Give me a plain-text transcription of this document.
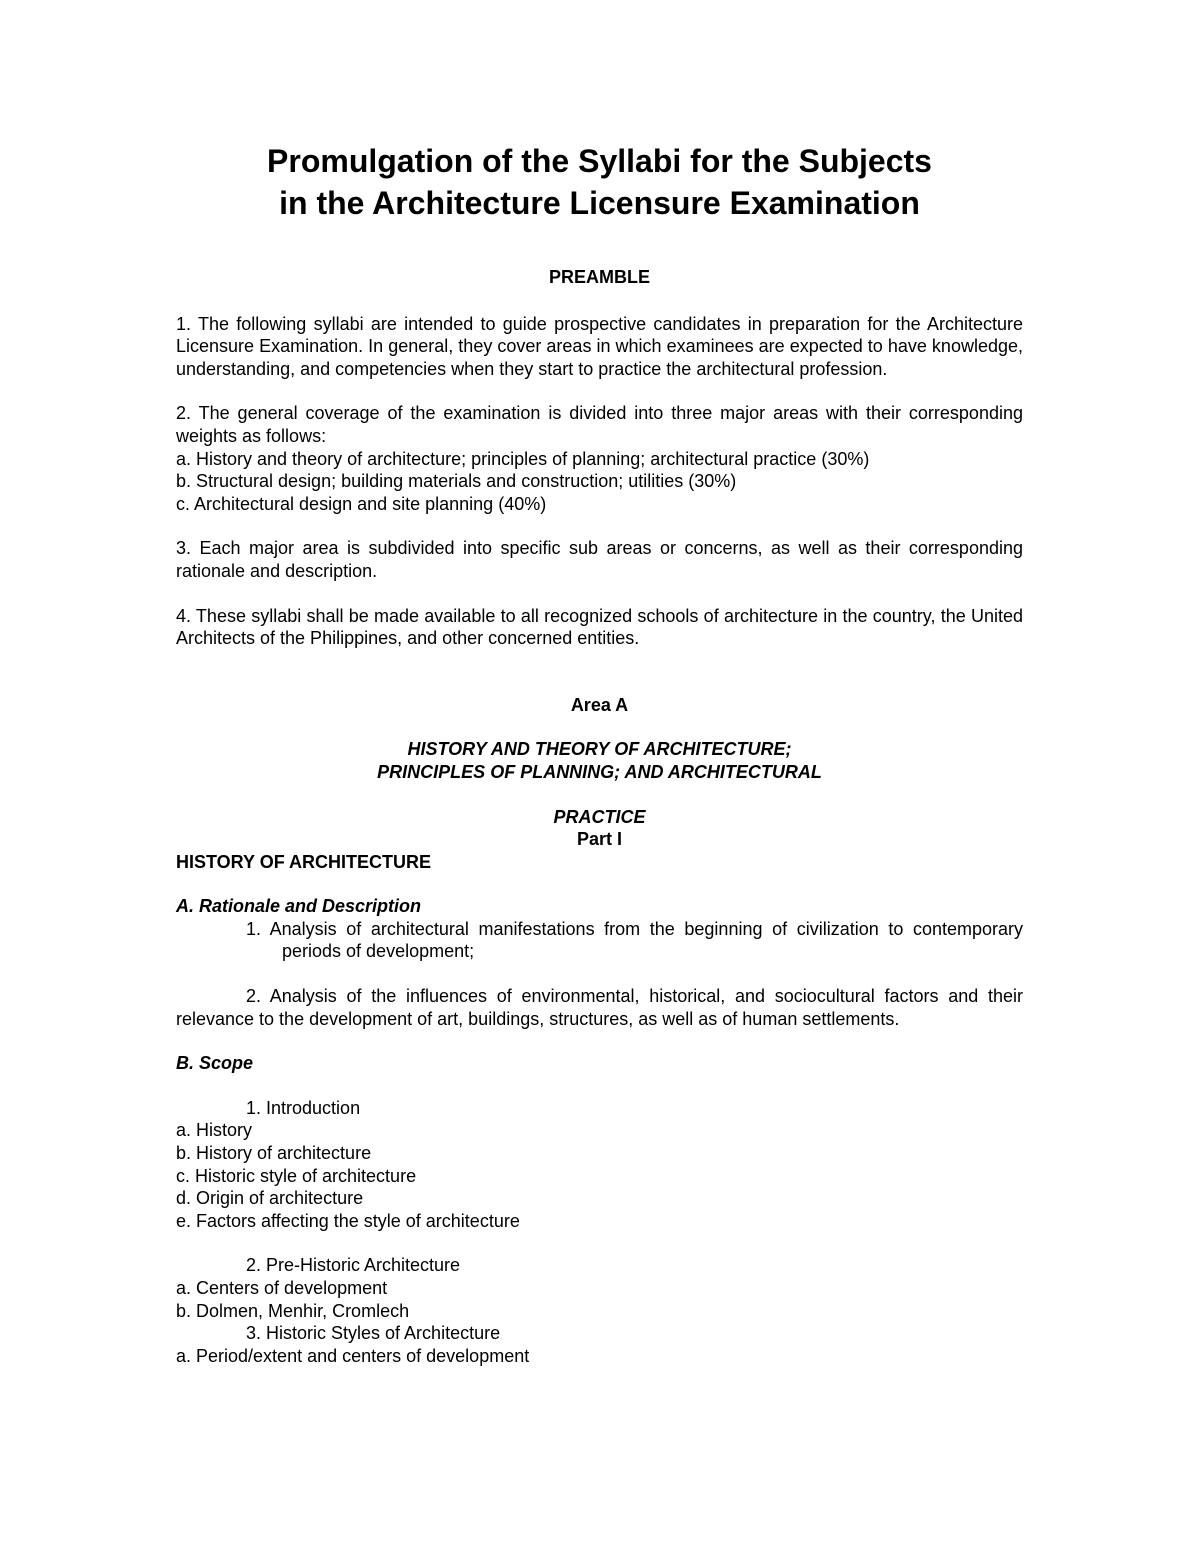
Promulgation of the Syllabi for the Subjects
in the Architecture Licensure Examination

PREAMBLE

1. The following syllabi are intended to guide prospective candidates in preparation for the Architecture Licensure Examination. In general, they cover areas in which examinees are expected to have knowledge, understanding, and competencies when they start to practice the architectural profession.

2. The general coverage of the examination is divided into three major areas with their corresponding weights as follows:

a. History and theory of architecture; principles of planning; architectural practice (30%)
b. Structural design; building materials and construction; utilities (30%)
c. Architectural design and site planning (40%)

3. Each major area is subdivided into specific sub areas or concerns, as well as their corresponding rationale and description.

4. These syllabi shall be made available to all recognized schools of architecture in the country, the United Architects of the Philippines, and other concerned entities.

Area A

HISTORY AND THEORY OF ARCHITECTURE;

PRINCIPLES OF PLANNING; AND ARCHITECTURAL

PRACTICE

Part I

HISTORY OF ARCHITECTURE

A. Rationale and Description

1. Analysis of architectural manifestations from the beginning of civilization to contemporary periods of development;

2. Analysis of the influences of environmental, historical, and sociocultural factors and their relevance to the development of art, buildings, structures, as well as of human settlements.

B. Scope

1. Introduction

a. History
b. History of architecture
c. Historic style of architecture
d. Origin of architecture
e. Factors affecting the style of architecture

2. Pre-Historic Architecture

a. Centers of development
b. Dolmen, Menhir, Cromlech

3. Historic Styles of Architecture

a. Period/extent and centers of development
